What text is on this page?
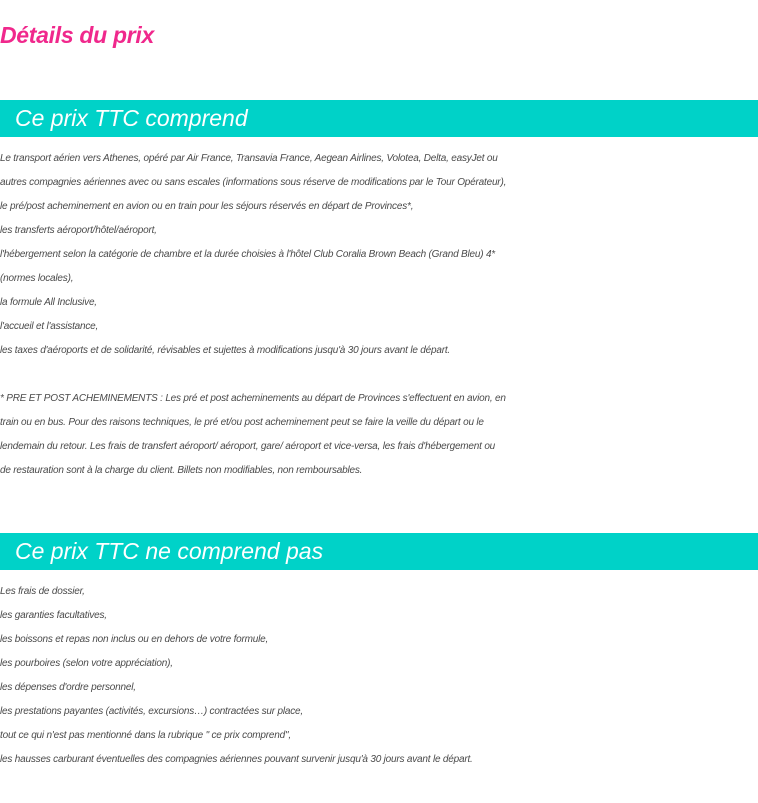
Détails du prix
Ce prix TTC comprend
Le transport aérien vers Athenes, opéré par Air France, Transavia France, Aegean Airlines, Volotea, Delta, easyJet ou
autres compagnies aériennes avec ou sans escales (informations sous réserve de modifications par le Tour Opérateur),
le pré/post acheminement en avion ou en train pour les séjours réservés en départ de Provinces*,
les transferts aéroport/hôtel/aéroport,
l'hébergement selon la catégorie de chambre et la durée choisies à l'hôtel Club Coralia Brown Beach (Grand Bleu) 4*
(normes locales),
la formule All Inclusive,
l'accueil et l'assistance,
les taxes d'aéroports et de solidarité, révisables et sujettes à modifications jusqu'à 30 jours avant le départ.
* PRE ET POST ACHEMINEMENTS : Les pré et post acheminements au départ de Provinces s'effectuent en avion, en
train ou en bus. Pour des raisons techniques, le pré et/ou post acheminement peut se faire la veille du départ ou le
lendemain du retour. Les frais de transfert aéroport/ aéroport, gare/ aéroport et vice-versa, les frais d'hébergement ou
de restauration sont à la charge du client. Billets non modifiables, non remboursables.
Ce prix TTC ne comprend pas
Les frais de dossier,
les garanties facultatives,
les boissons et repas non inclus ou en dehors de votre formule,
les pourboires (selon votre appréciation),
les dépenses d'ordre personnel,
les prestations payantes (activités, excursions…) contractées sur place,
tout ce qui n'est pas mentionné dans la rubrique " ce prix comprend",
les hausses carburant éventuelles des compagnies aériennes pouvant survenir jusqu'à 30 jours avant le départ.
